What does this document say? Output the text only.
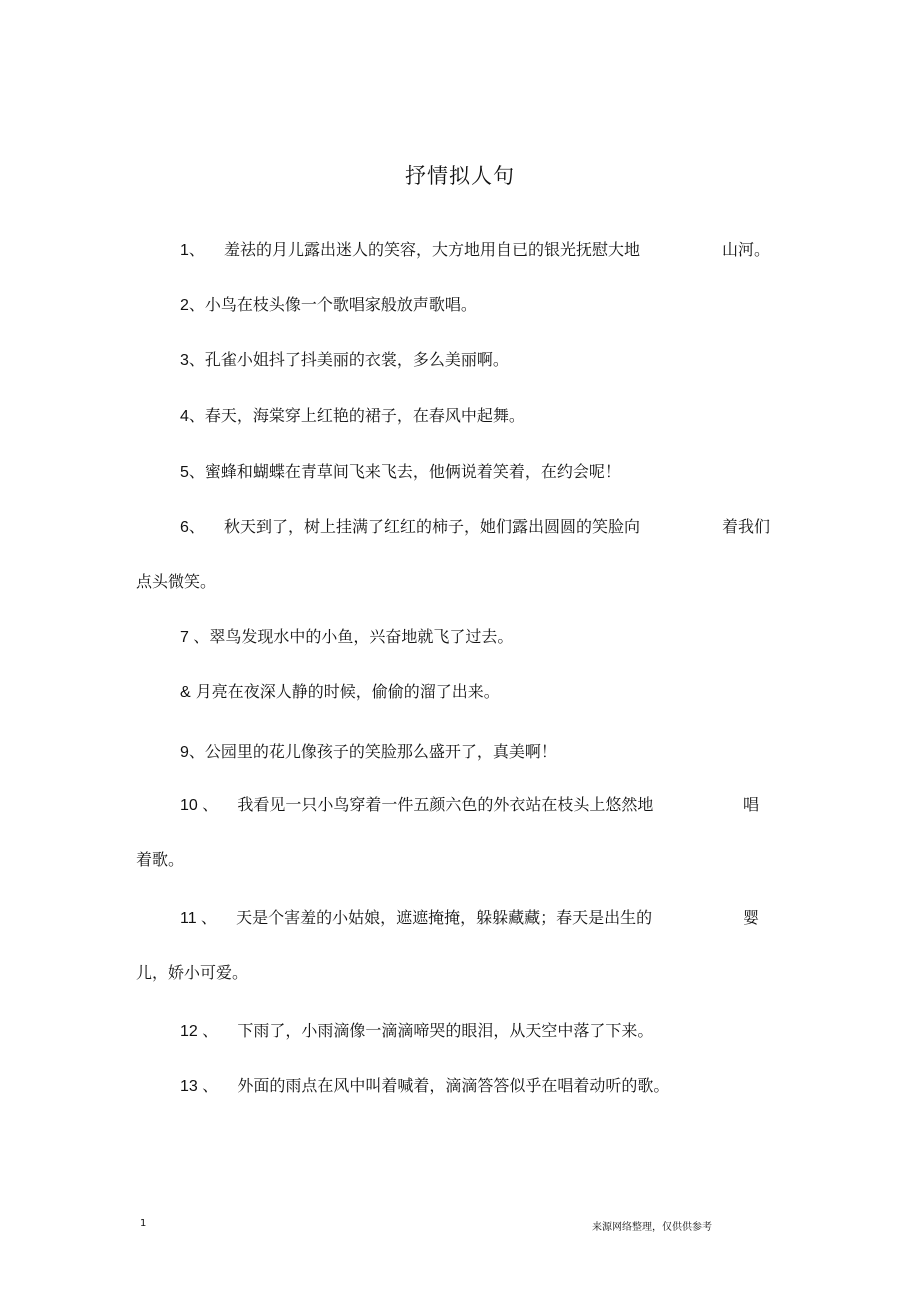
抒情拟人句
1、 羞祛的月儿露出迷人的笑容，大方地用自已的银光抚慰大地	山河。
2、小鸟在枝头像一个歌唱家般放声歌唱。
3、孔雀小姐抖了抖美丽的衣裳，多么美丽啊。
4、春天，海棠穿上红艳的裙子，在春风中起舞。
5、蜜蜂和蝴蝶在青草间飞来飞去，他俩说着笑着，在约会呢！
6、 秋天到了，树上挂满了红红的柿子，她们露出圆圆的笑脸向	着我们
点头微笑。
7 、翠鸟发现水中的小鱼，兴奋地就飞了过去。
& 月亮在夜深人静的时候，偷偷的溜了出来。
9、公园里的花儿像孩子的笑脸那么盛开了，真美啊！
10 、 我看见一只小鸟穿着一件五颜六色的外衣站在枝头上悠然地	唱
着歌。
11 、 天是个害羞的小姑娘，遮遮掩掩，躲躲藏藏；春天是出生的	婴
儿，娇小可爱。
12 、 下雨了，小雨滴像一滴滴啼哭的眼泪，从天空中落了下来。
13 、 外面的雨点在风中叫着喊着，滴滴答答似乎在唱着动听的歌。
1	来源网络整理，仅供供参考
